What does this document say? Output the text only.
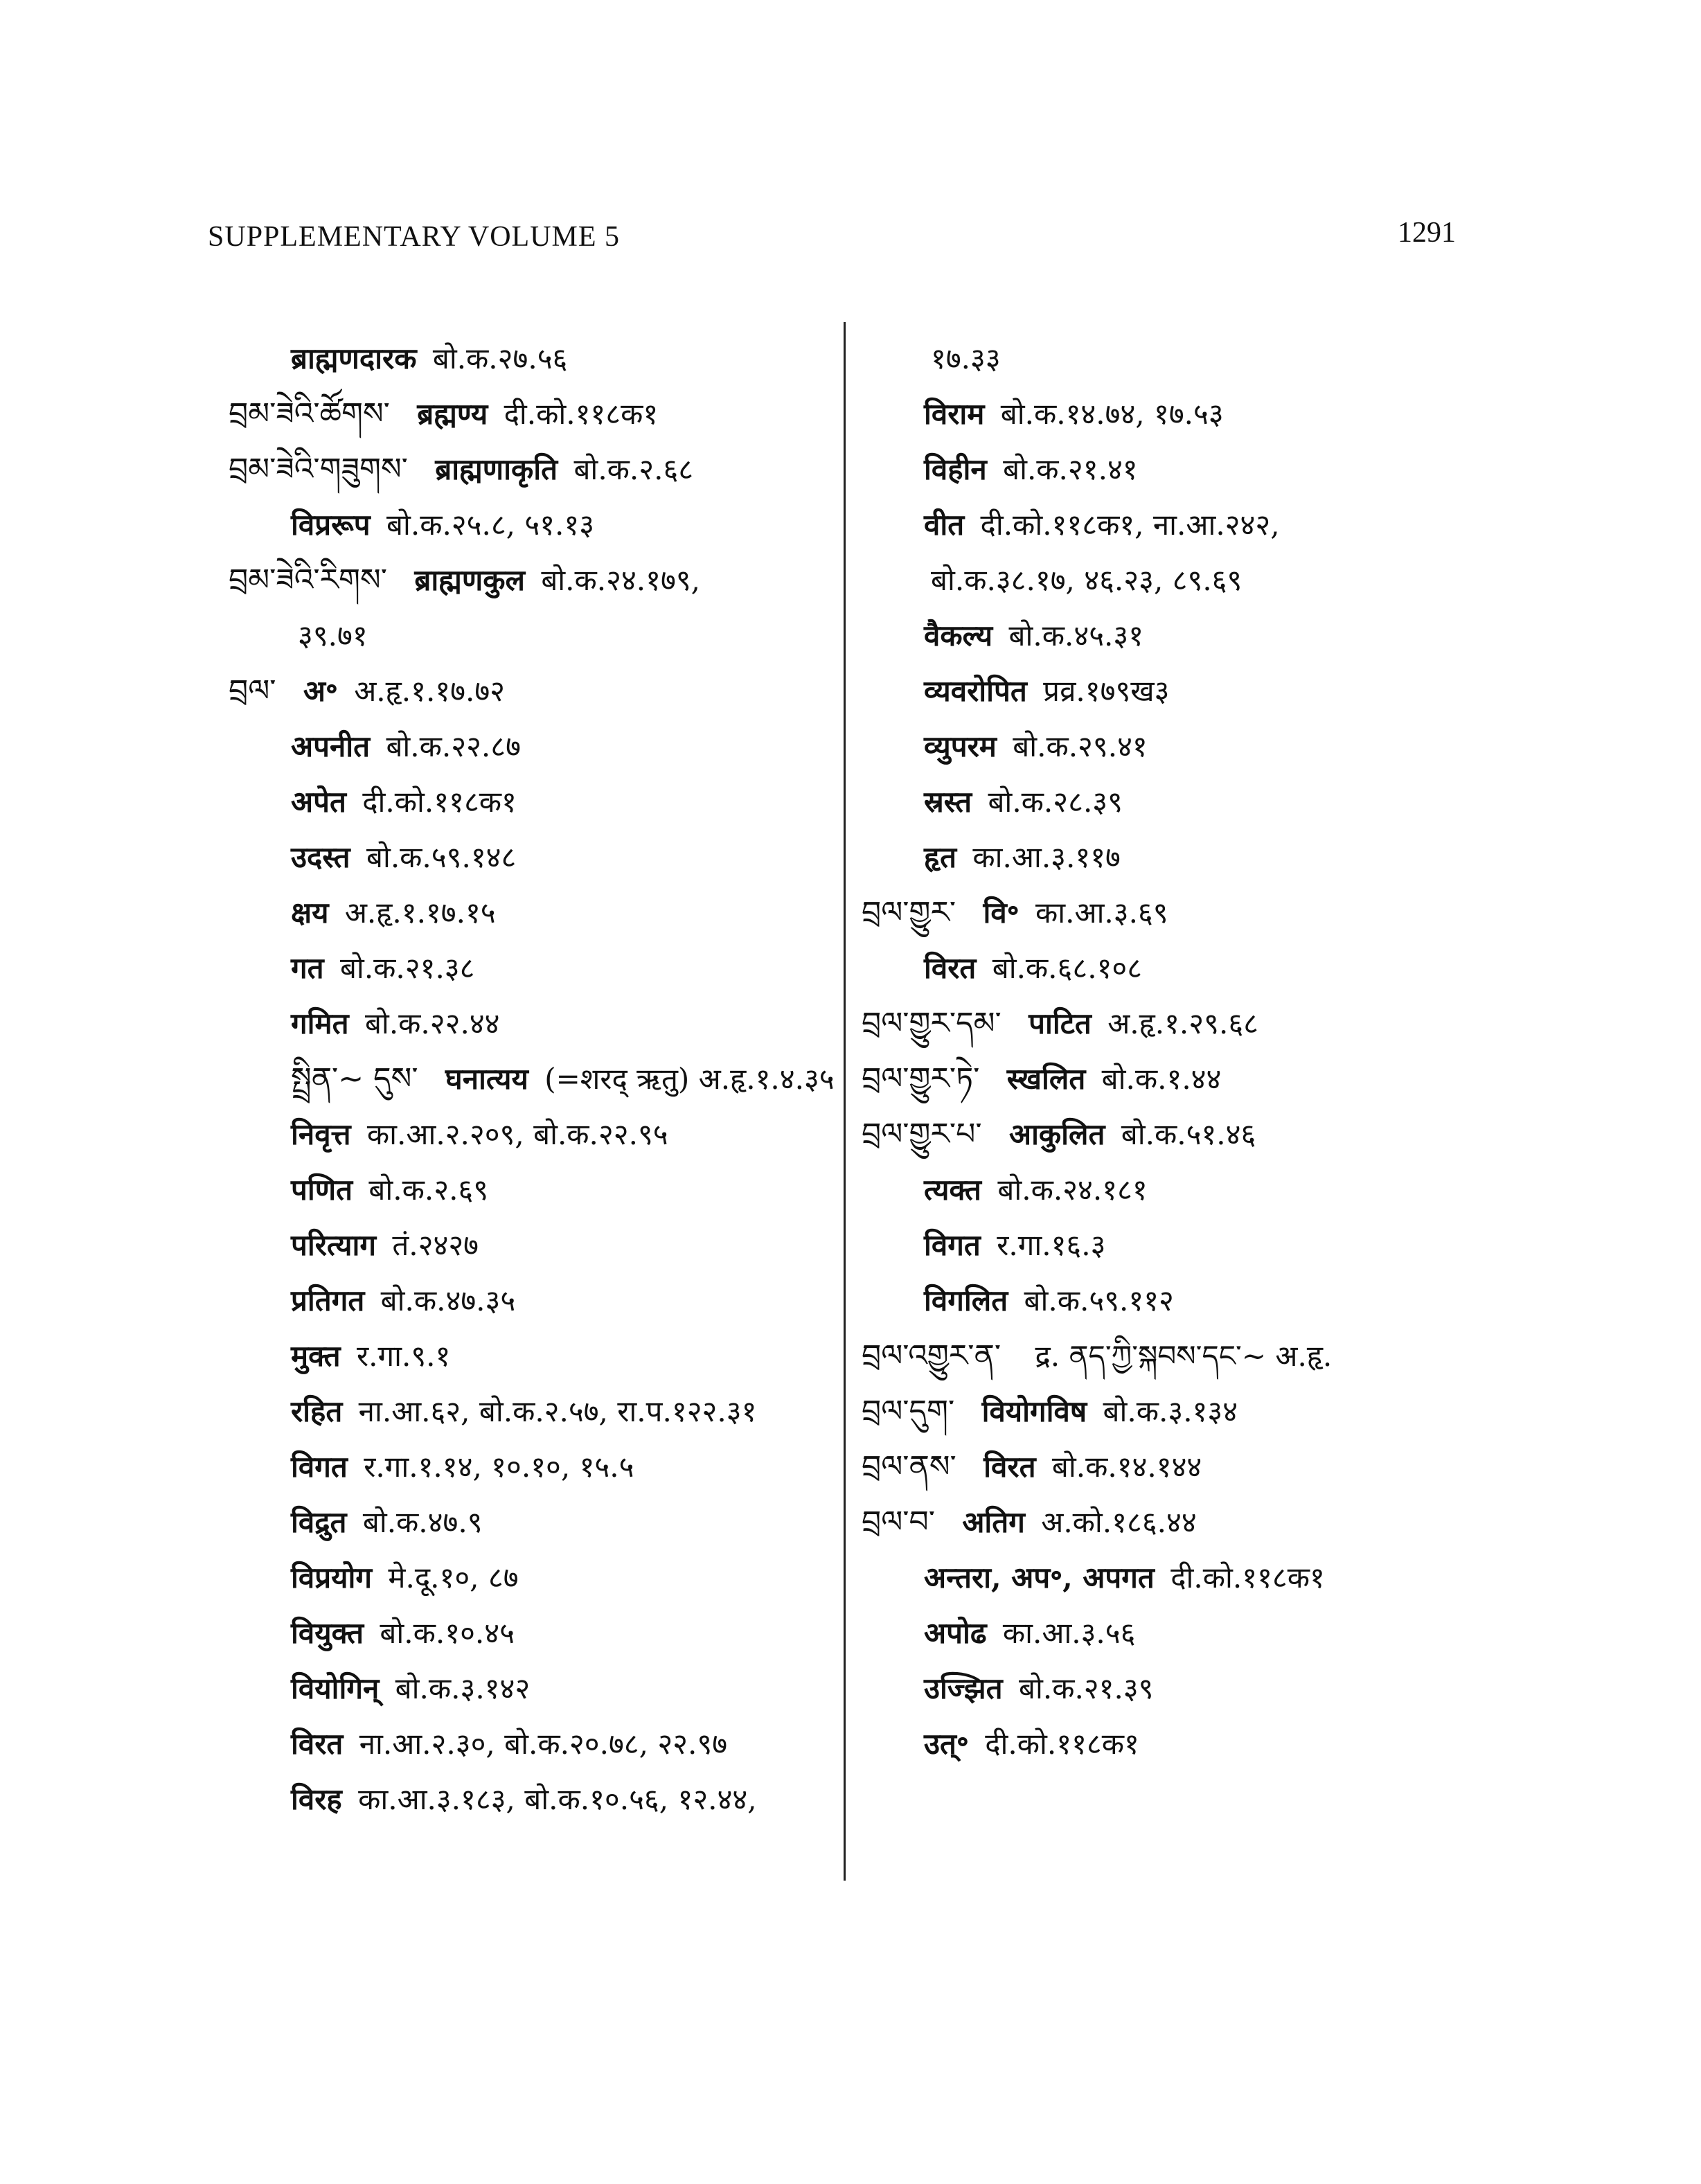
SUPPLEMENTARY VOLUME 5	1291
ब्राह्मणदारक बो.क.२७.५६
བྲམ་ཟེའི་ཚོགས་ ब्रह्मण्य दी.को.११८क१
བྲམ་ཟེའི་གཟུགས་ ब्राह्मणाकृति बो.क.२.६८
विप्ररूप बो.क.२५.८, ५१.१३
བྲམ་ཟེའི་རིགས་ ब्राह्मणकुल बो.क.२४.१७९,
३९.७१
བྲལ་ अ॰ अ.हृ.१.१७.७२
अपनीत बो.क.२२.८७
अपेत दी.को.११८क१
उदस्त बो.क.५९.१४८
क्षय अ.हृ.१.१७.१५
गत बो.क.२१.३८
गमित बो.क.२२.४४
སྤྲིན་~ དུས་ घनात्यय (=शरद् ऋतु) अ.हृ.१.४.३५
निवृत्त का.आ.२.२०९, बो.क.२२.९५
पणित बो.क.२.६९
परित्याग तं.२४२७
प्रतिगत बो.क.४७.३५
मुक्त र.गा.९.१
रहित ना.आ.६२, बो.क.२.५७, रा.प.१२२.३१
विगत र.गा.१.१४, १०.१०, १५.५
विद्रुत बो.क.४७.९
विप्रयोग मे.दू.१०, ८७
वियुक्त बो.क.१०.४५
वियोगिन् बो.क.३.१४२
विरत ना.आ.२.३०, बो.क.२०.७८, २२.९७
विरह का.आ.३.१८३, बो.क.१०.५६, १२.४४,
१७.३३
विराम बो.क.१४.७४, १७.५३
विहीन बो.क.२१.४१
वीत दी.को.११८क१, ना.आ.२४२,
बो.क.३८.१७, ४६.२३, ८९.६९
वैकल्य बो.क.४५.३१
व्यवरोपित प्रव्र.१७९ख३
व्युपरम बो.क.२९.४१
स्रस्त बो.क.२८.३९
हृत का.आ.३.११७
བྲལ་གྱུར་ वि॰ का.आ.३.६९
विरत बो.क.६८.१०८
བྲལ་གྱུར་དམ་ पाटित अ.हृ.१.२९.६८
བྲལ་གྱུར་ཏེ་ स्खलित बो.क.१.४४
བྲལ་གྱུར་པ་ आकुलित बो.क.५१.४६
त्यक्त बो.क.२४.१८१
विगत र.गा.१६.३
विगलित बो.क.५९.११२
བྲལ་འགྱུར་ན་ द्र. ནད་ཀྱི་སྐབས་དང་~ अ.हृ.
བྲལ་དུག་ वियोगविष बो.क.३.१३४
བྲལ་ནས་ विरत बो.क.१४.१४४
བྲལ་བ་ अतिग अ.को.१८६.४४
अन्तरा, अप॰, अपगत दी.को.११८क१
अपोढ का.आ.३.५६
उज्झित बो.क.२१.३९
उत्॰ दी.को.११८क१
